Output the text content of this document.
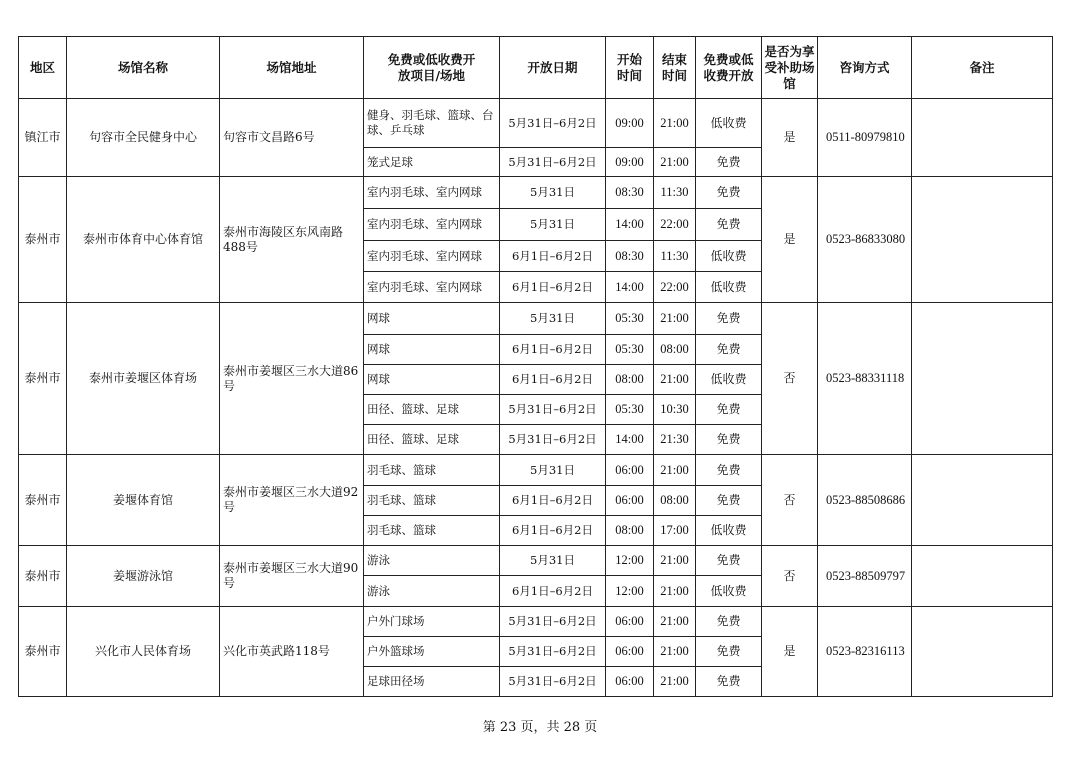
地区	场馆名称	场馆地址	免费或低收费开放项目/场地	开放日期	开始时间	结束时间	免费或低收费开放	是否为享受补助场馆	咨询方式	备注
镇江市	句容市全民健身中心	句容市文昌路6号	健身、羽毛球、篮球、台球、乒乓球	5月31日–6月2日	09:00	21:00	低收费	是	0511-80979810	
			笼式足球	5月31日–6月2日	09:00	21:00	免费			
泰州市	泰州市体育中心体育馆	泰州市海陵区东风南路488号	室内羽毛球、室内网球	5月31日	08:30	11:30	免费	是	0523-86833080	
			室内羽毛球、室内网球	5月31日	14:00	22:00	免费			
			室内羽毛球、室内网球	6月1日–6月2日	08:30	11:30	低收费			
			室内羽毛球、室内网球	6月1日–6月2日	14:00	22:00	低收费			
泰州市	泰州市姜堰区体育场	泰州市姜堰区三水大道86号	网球	5月31日	05:30	21:00	免费	否	0523-88331118	
			网球	6月1日–6月2日	05:30	08:00	免费			
			网球	6月1日–6月2日	08:00	21:00	低收费			
			田径、篮球、足球	5月31日–6月2日	05:30	10:30	免费			
			田径、篮球、足球	5月31日–6月2日	14:00	21:30	免费			
泰州市	姜堰体育馆	泰州市姜堰区三水大道92号	羽毛球、篮球	5月31日	06:00	21:00	免费	否	0523-88508686	
			羽毛球、篮球	6月1日–6月2日	06:00	08:00	免费			
			羽毛球、篮球	6月1日–6月2日	08:00	17:00	低收费			
泰州市	姜堰游泳馆	泰州市姜堰区三水大道90号	游泳	5月31日	12:00	21:00	免费	否	0523-88509797	
			游泳	6月1日–6月2日	12:00	21:00	低收费			
泰州市	兴化市人民体育场	兴化市英武路118号	户外门球场	5月31日–6月2日	06:00	21:00	免费	是	0523-82316113	
			户外篮球场	5月31日–6月2日	06:00	21:00	免费			
			足球田径场	5月31日–6月2日	06:00	21:00	免费			
第 23 页，共 28 页
